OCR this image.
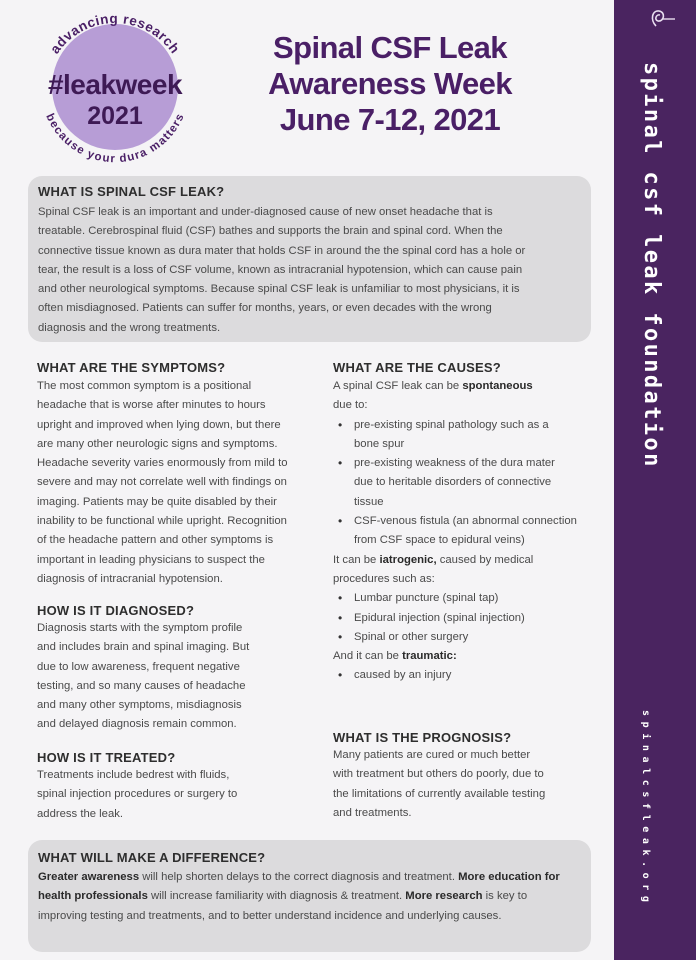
advancing research
because your dura matters
#leakweek
2021
Spinal CSF Leak
Awareness Week
June 7-12, 2021	spinal csf leak foundation
spinalcsfleak.org

WHAT IS SPINAL CSF LEAK?

Spinal CSF leak is an important and under-diagnosed cause of new onset headache that is

treatable. Cerebrospinal fluid (CSF) bathes and supports the brain and spinal cord. When the

connective tissue known as dura mater that holds CSF in around the the spinal cord has a hole or

tear, the result is a loss of CSF volume, known as intracranial hypotension, which can cause pain

and other neurological symptoms. Because spinal CSF leak is unfamiliar to most physicians, it is

often misdiagnosed. Patients can suffer for months, years, or even decades with the wrong

diagnosis and the wrong treatments.

WHAT ARE THE SYMPTOMS?

The most common symptom is a positional

headache that is worse after minutes to hours

upright and improved when lying down, but there

are many other neurologic signs and symptoms.

Headache severity varies enormously from mild to

severe and may not correlate well with findings on

imaging. Patients may be quite disabled by their

inability to be functional while upright. Recognition

of the headache pattern and other symptoms is

important in leading physicians to suspect the

diagnosis of intracranial hypotension.

HOW IS IT DIAGNOSED?

Diagnosis starts with the symptom profile

and includes brain and spinal imaging. But

due to low awareness, frequent negative

testing, and so many causes of headache

and many other symptoms, misdiagnosis

and delayed diagnosis remain common.

HOW IS IT TREATED?

Treatments include bedrest with fluids,

spinal injection procedures or surgery to

address the leak.

WHAT ARE THE CAUSES?

A spinal CSF leak can be spontaneous

due to:

• pre-existing spinal pathology such as a bone spur
• pre-existing weakness of the dura mater due to heritable disorders of connective tissue
• CSF-venous fistula (an abnormal connection from CSF space to epidural veins)

It can be iatrogenic, caused by medical procedures such as:

• Lumbar puncture (spinal tap)
• Epidural injection (spinal injection)
• Spinal or other surgery

And it can be traumatic:

• caused by an injury

WHAT IS THE PROGNOSIS?

Many patients are cured or much better

with treatment but others do poorly, due to

the limitations of currently available testing

and treatments.

WHAT WILL MAKE A DIFFERENCE?

Greater awareness will help shorten delays to the correct diagnosis and treatment. More education for health professionals will increase familiarity with diagnosis & treatment. More research is key to improving testing and treatments, and to better understand incidence and underlying causes.
